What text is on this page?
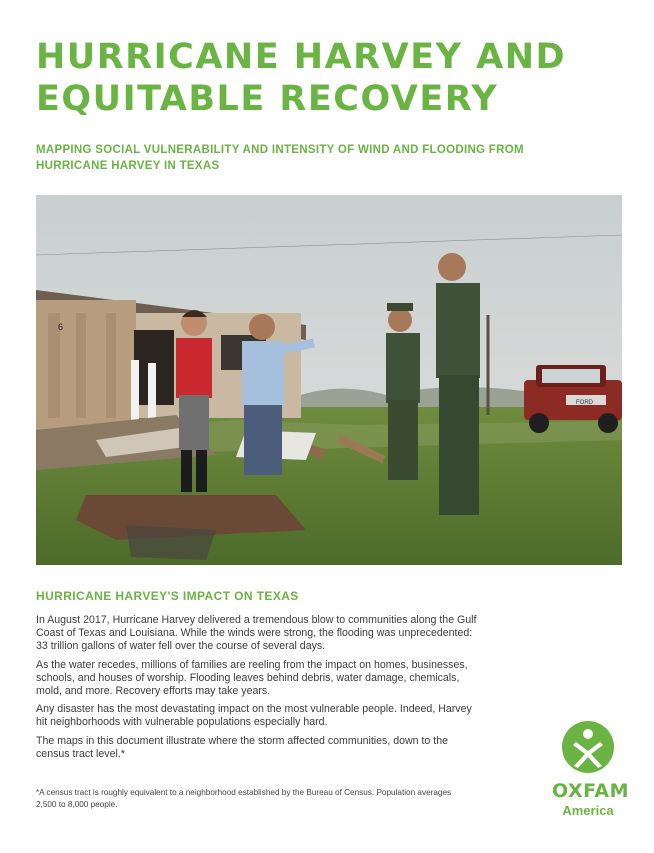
HURRICANE HARVEY AND
EQUITABLE RECOVERY
MAPPING SOCIAL VULNERABILITY AND INTENSITY OF WIND AND FLOODING FROM
HURRICANE HARVEY IN TEXAS
6
FORD
HURRICANE HARVEY'S IMPACT ON TEXAS

In August 2017, Hurricane Harvey delivered a tremendous blow to communities along the Gulf
Coast of Texas and Louisiana. While the winds were strong, the flooding was unprecedented:
33 trillion gallons of water fell over the course of several days.

As the water recedes, millions of families are reeling from the impact on homes, businesses,
schools, and houses of worship. Flooding leaves behind debris, water damage, chemicals,
mold, and more. Recovery efforts may take years.

Any disaster has the most devastating impact on the most vulnerable people. Indeed, Harvey
hit neighborhoods with vulnerable populations especially hard.

The maps in this document illustrate where the storm affected communities, down to the
census tract level.*

*A census tract is roughly equivalent to a neighborhood established by the Bureau of Census. Population averages
2,500 to 8,000 people.
OXFAM
America
